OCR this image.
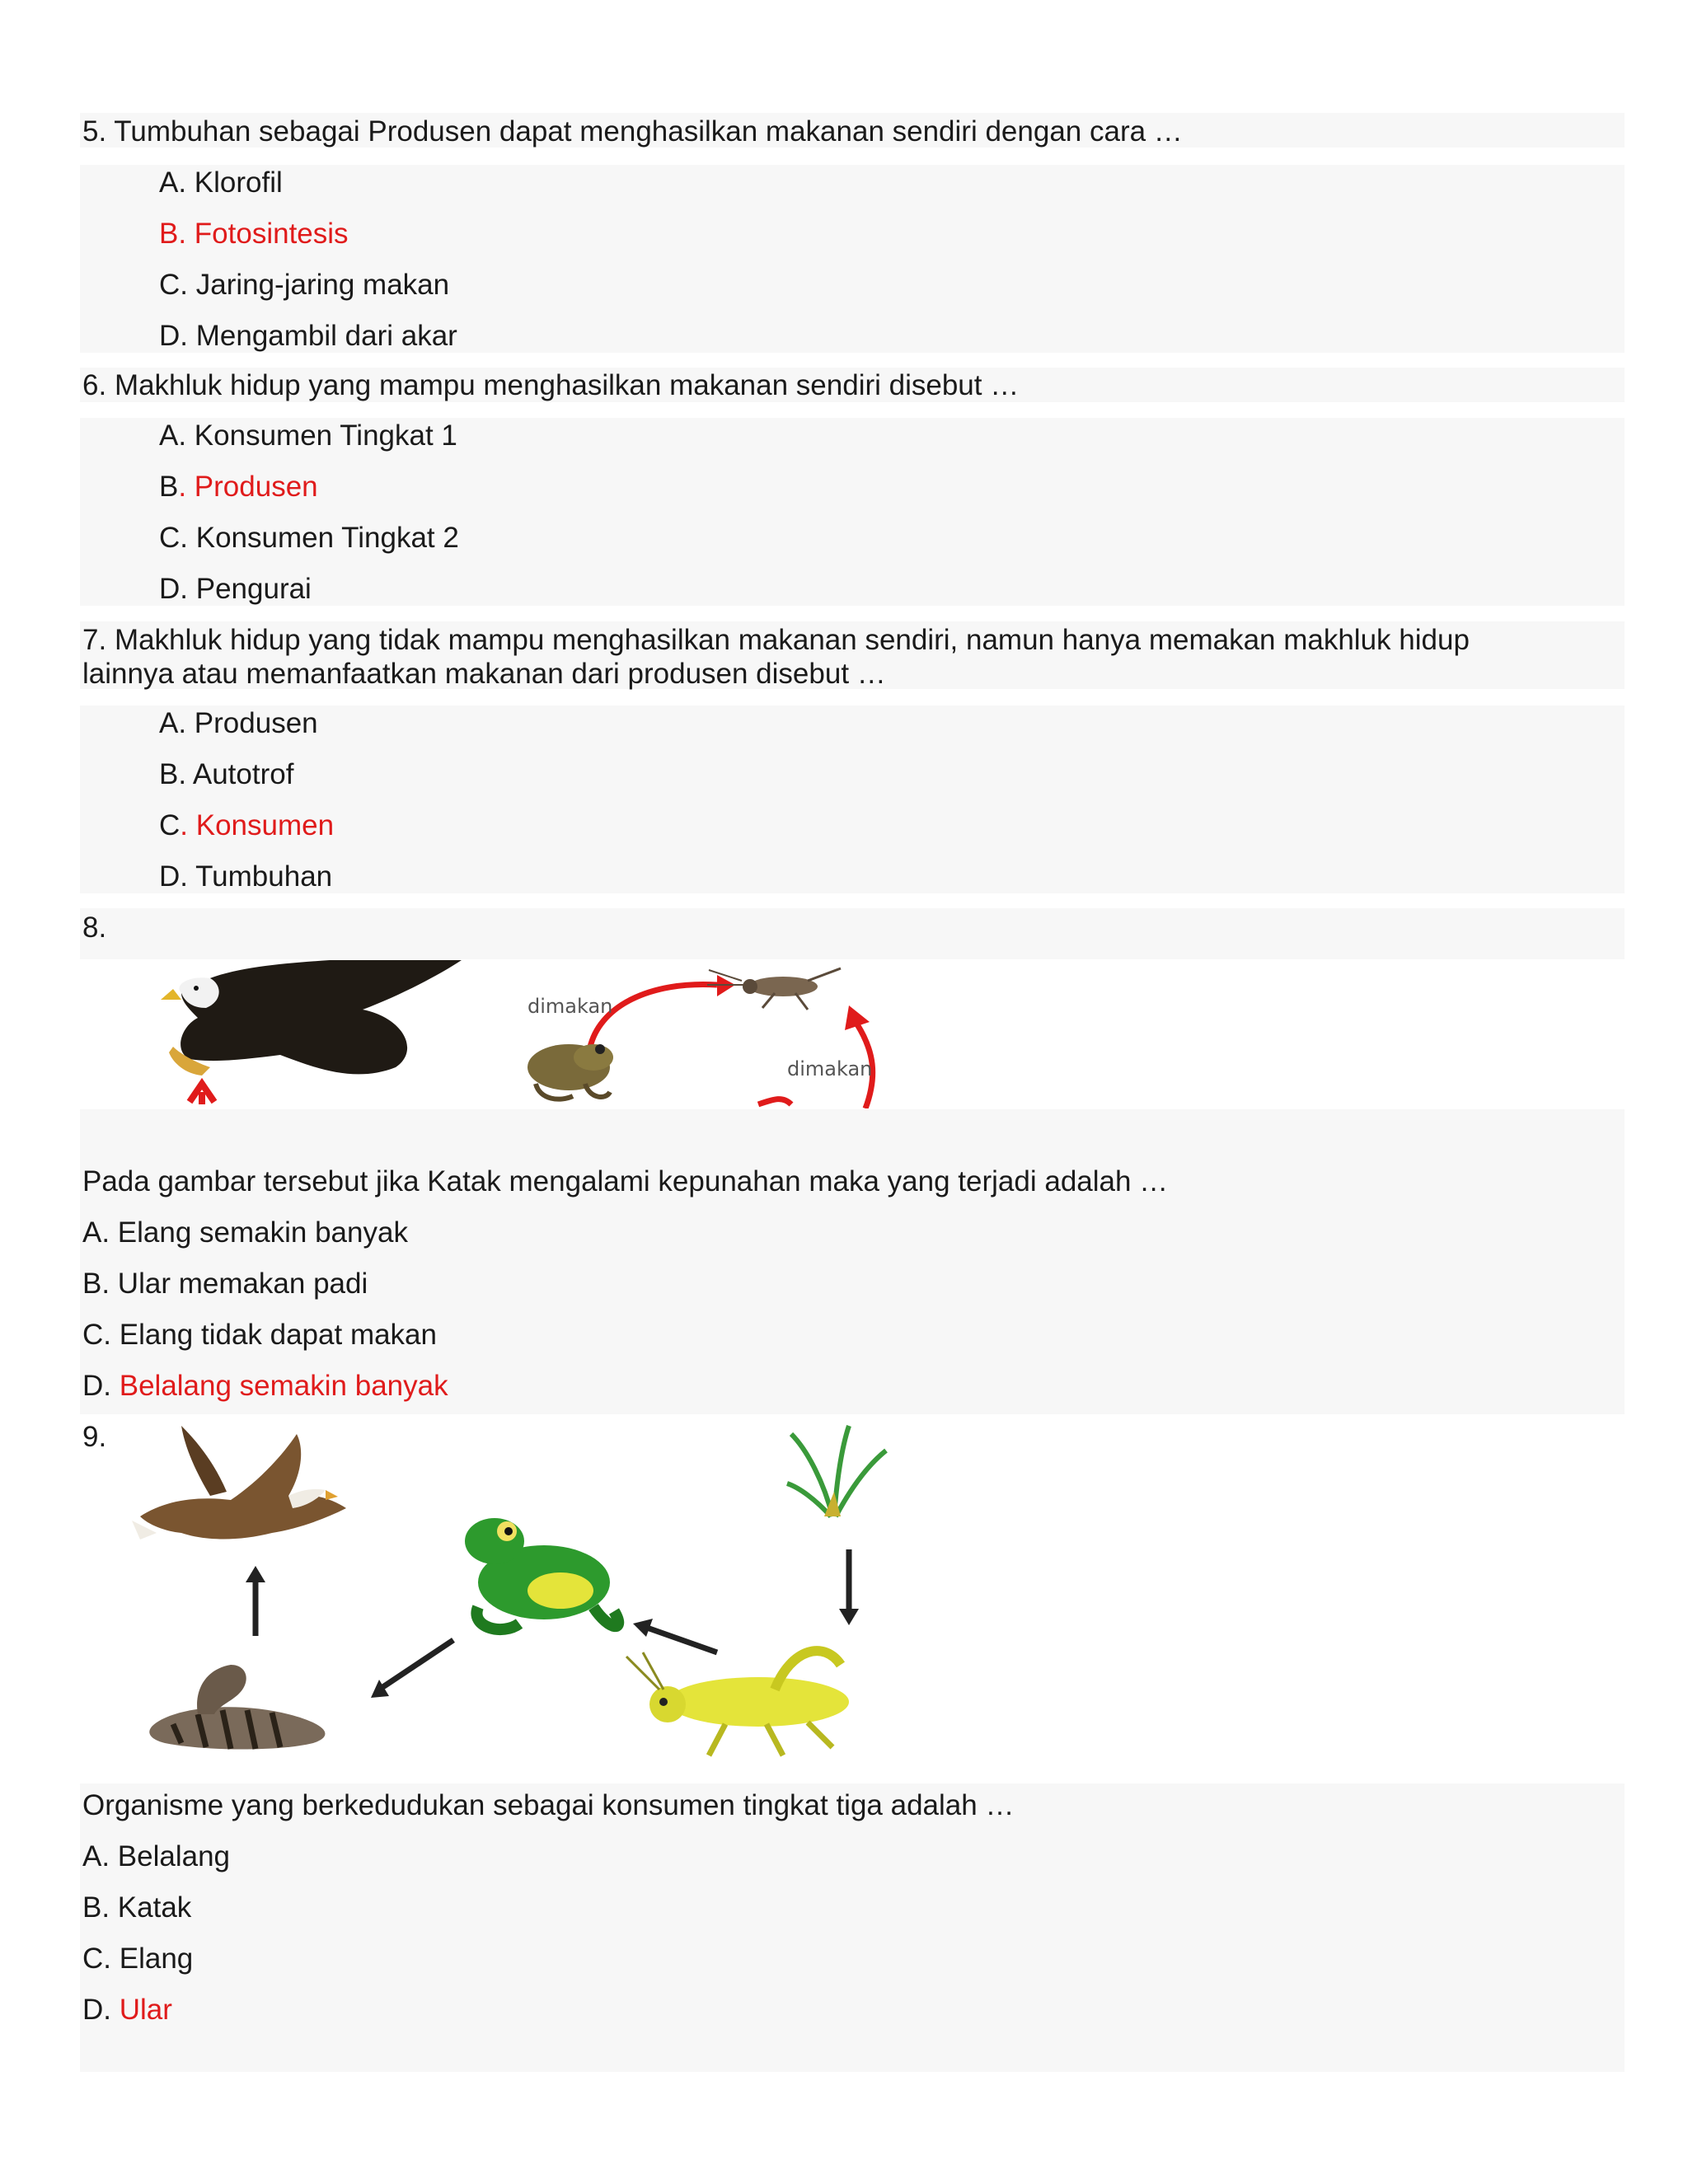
5. Tumbuhan sebagai Produsen dapat menghasilkan makanan sendiri dengan cara …
A. Klorofil
B. Fotosintesis
C. Jaring-jaring makan
D. Mengambil dari akar
6. Makhluk hidup yang mampu menghasilkan makanan sendiri disebut …
A. Konsumen Tingkat 1
B. Produsen
C. Konsumen Tingkat 2
D. Pengurai
7. Makhluk hidup yang tidak mampu menghasilkan makanan sendiri, namun hanya memakan makhluk hidup
lainnya atau memanfaatkan makanan dari produsen disebut …
A. Produsen
B. Autotrof
C. Konsumen
D. Tumbuhan
8.
dimakan
dimakan
Pada gambar tersebut jika Katak mengalami kepunahan maka yang terjadi adalah …
A. Elang semakin banyak
B. Ular memakan padi
C. Elang tidak dapat makan
D. Belalang semakin banyak
9.
Organisme yang berkedudukan sebagai konsumen tingkat tiga adalah …
A. Belalang
B. Katak
C. Elang
D. Ular
